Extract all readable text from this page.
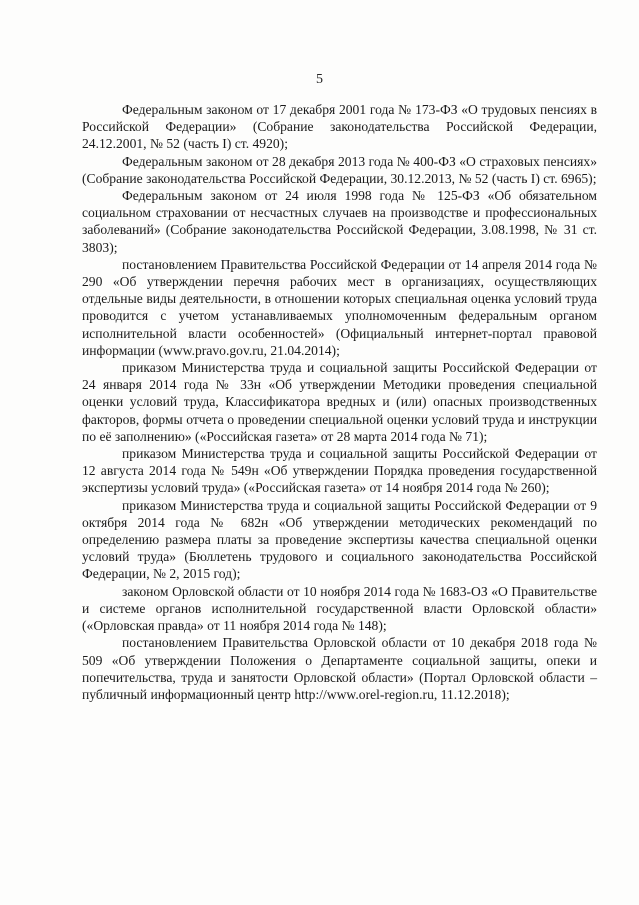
5

Федеральным законом от 17 декабря 2001 года № 173-ФЗ «О трудовых пенсиях в Российской Федерации» (Собрание законодательства Российской Федерации, 24.12.2001, № 52 (часть I) ст. 4920);

Федеральным законом от 28 декабря 2013 года № 400-ФЗ «О страховых пенсиях» (Собрание законодательства Российской Федерации, 30.12.2013, № 52 (часть I) ст. 6965);

Федеральным законом от 24 июля 1998 года № 125-ФЗ «Об обязательном социальном страховании от несчастных случаев на производстве и профессиональных заболеваний» (Собрание законодательства Российской Федерации, 3.08.1998, № 31 ст. 3803);

постановлением Правительства Российской Федерации от 14 апреля 2014 года № 290 «Об утверждении перечня рабочих мест в организациях, осуществляющих отдельные виды деятельности, в отношении которых специальная оценка условий труда проводится с учетом устанавливаемых уполномоченным федеральным органом исполнительной власти особенностей» (Официальный интернет-портал правовой информации (www.pravo.gov.ru, 21.04.2014);

приказом Министерства труда и социальной защиты Российской Федерации от 24 января 2014 года № 33н «Об утверждении Методики проведения специальной оценки условий труда, Классификатора вредных и (или) опасных производственных факторов, формы отчета о проведении специальной оценки условий труда и инструкции по её заполнению» («Российская газета» от 28 марта 2014 года № 71);

приказом Министерства труда и социальной защиты Российской Федерации от 12 августа 2014 года № 549н «Об утверждении Порядка проведения государственной экспертизы условий труда» («Российская газета» от 14 ноября 2014 года № 260);

приказом Министерства труда и социальной защиты Российской Федерации от 9 октября 2014 года № 682н «Об утверждении методических рекомендаций по определению размера платы за проведение экспертизы качества специальной оценки условий труда» (Бюллетень трудового и социального законодательства Российской Федерации, № 2, 2015 год);

законом Орловской области от 10 ноября 2014 года № 1683-ОЗ «О Правительстве и системе органов исполнительной государственной власти Орловской области» («Орловская правда» от 11 ноября 2014 года № 148);

постановлением Правительства Орловской области от 10 декабря 2018 года № 509 «Об утверждении Положения о Департаменте социальной защиты, опеки и попечительства, труда и занятости Орловской области» (Портал Орловской области – публичный информационный центр http://www.orel-region.ru, 11.12.2018);
